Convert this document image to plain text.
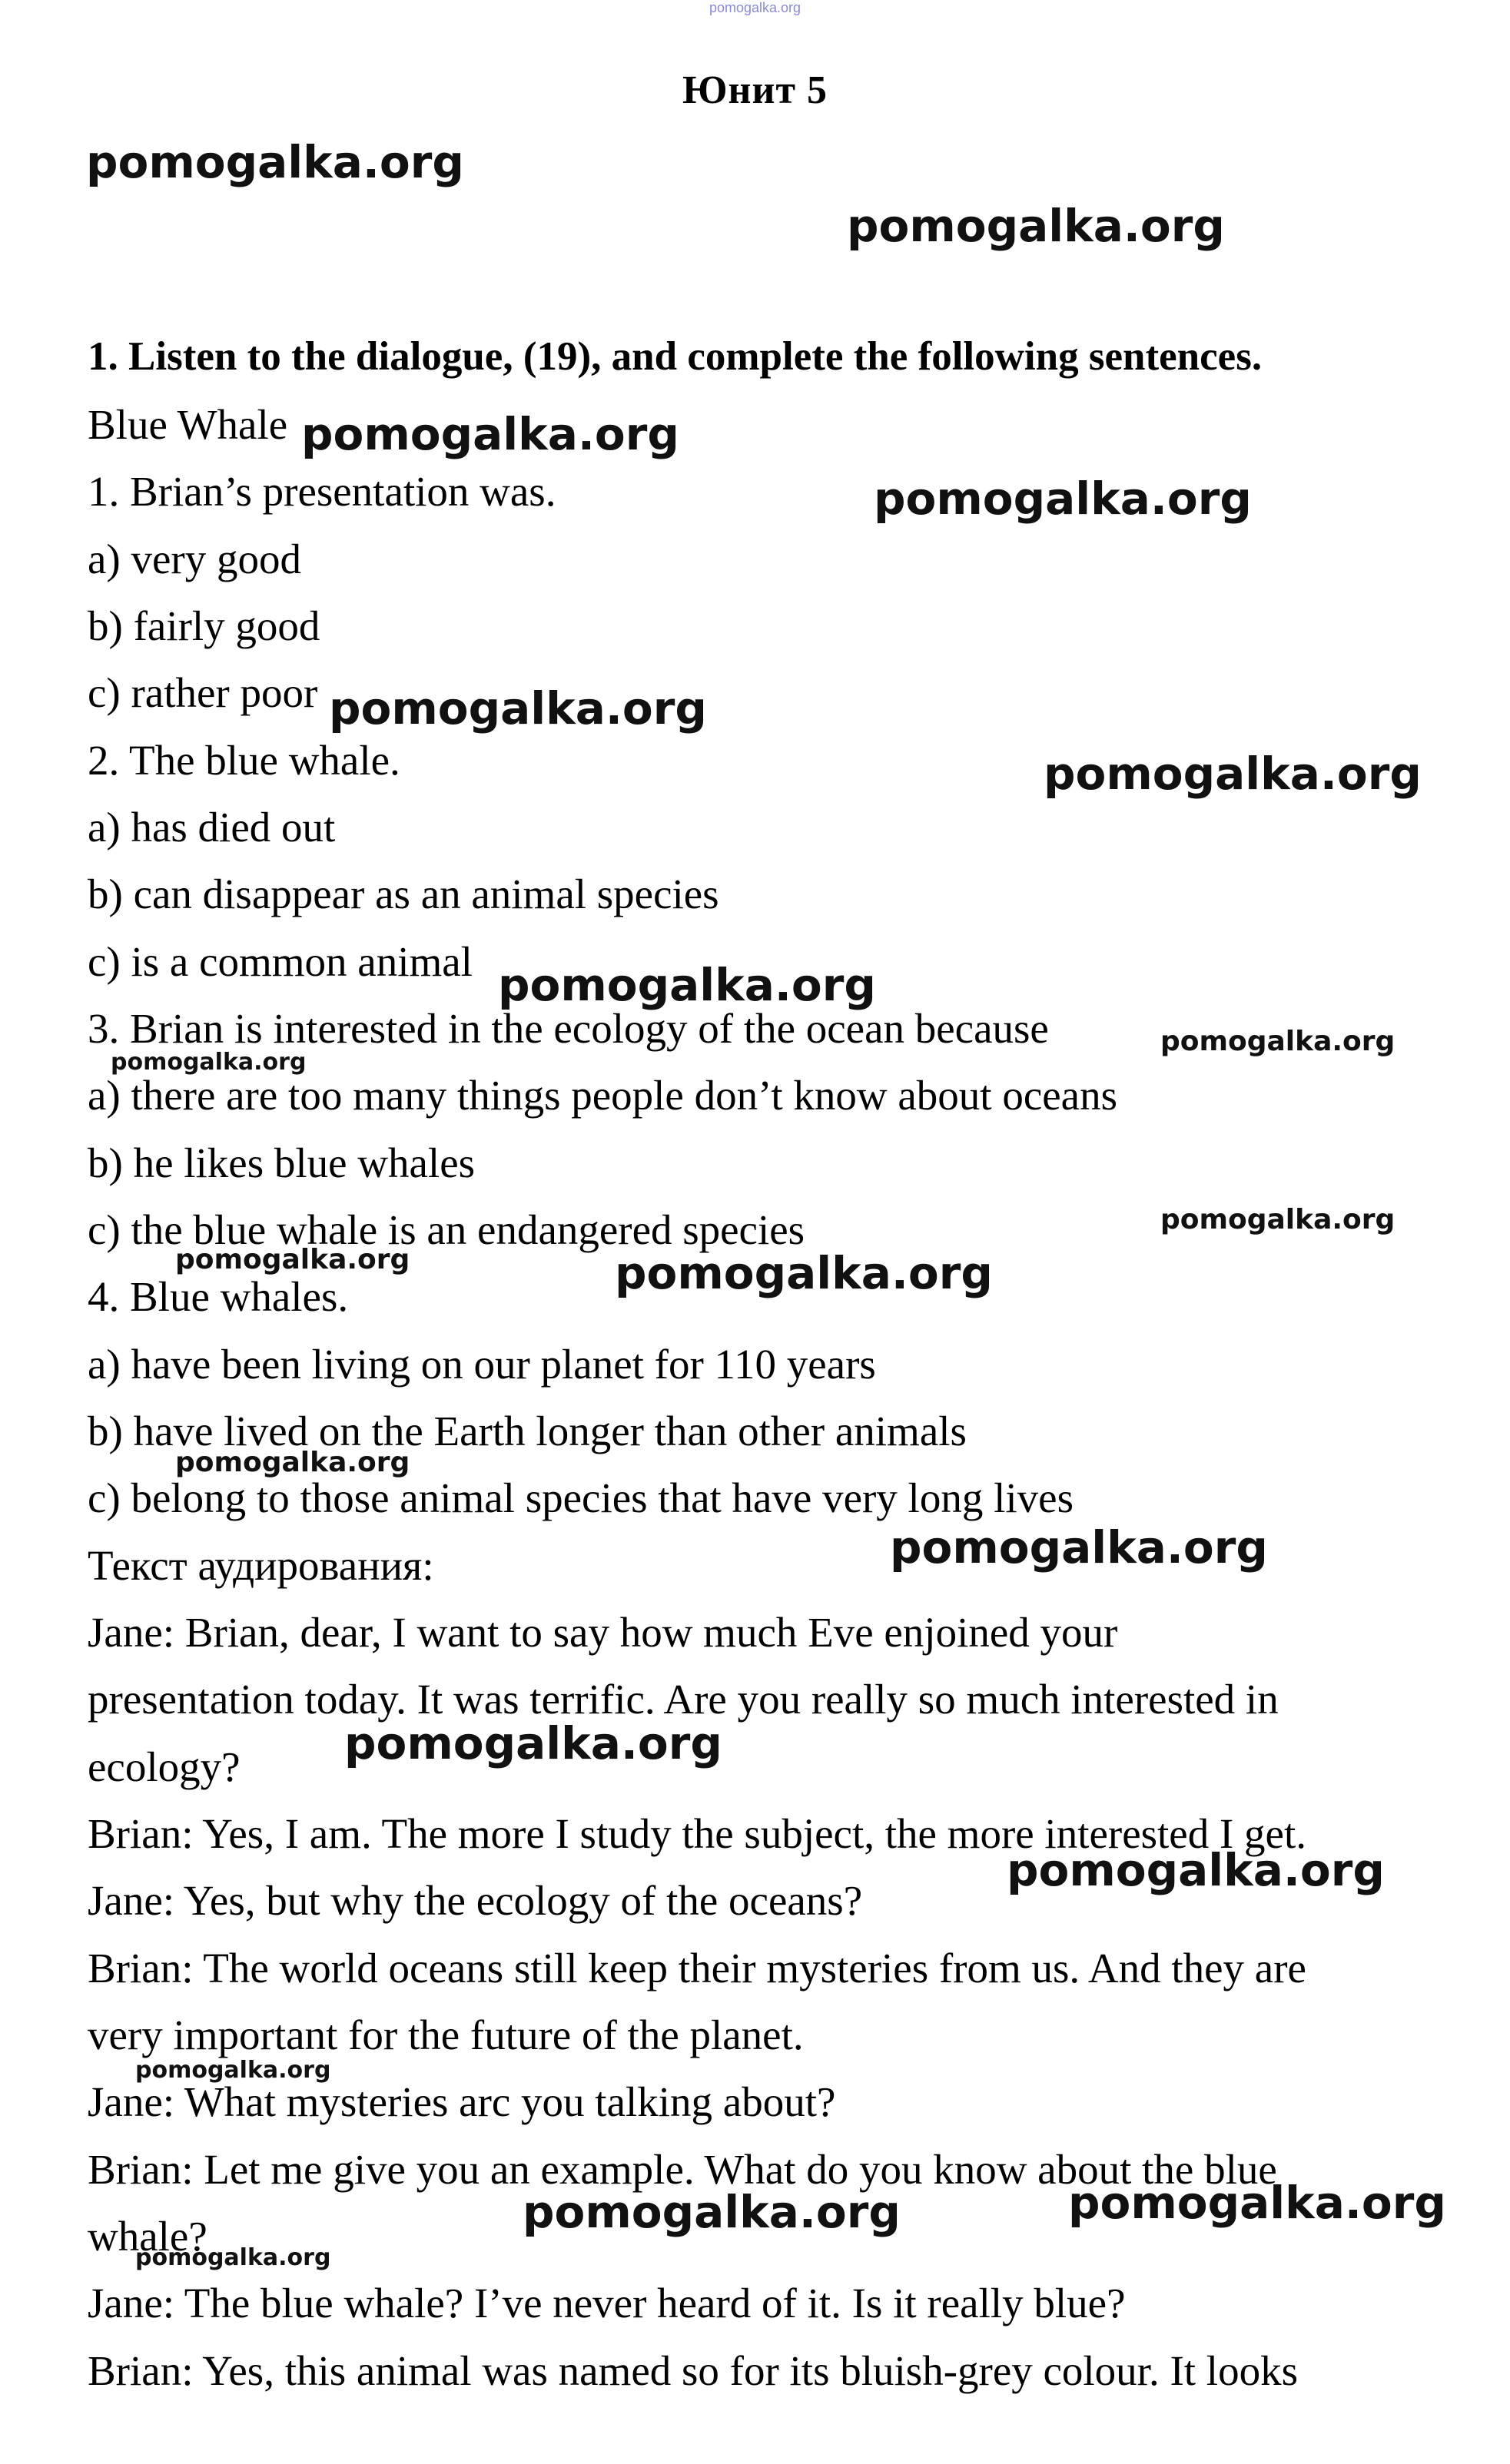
pomogalka.org
Юнит 5
1. Listen to the dialogue, (19), and complete the following sentences.
Blue Whale
1. Brian’s presentation was.
a) very good
b) fairly good
c) rather poor
2. The blue whale.
a) has died out
b) can disappear as an animal species
c) is a common animal
3. Brian is interested in the ecology of the ocean because
a) there are too many things people don’t know about oceans
b) he likes blue whales
c) the blue whale is an endangered species
4. Blue whales.
a) have been living on our planet for 110 years
b) have lived on the Earth longer than other animals
c) belong to those animal species that have very long lives
Текст аудирования:
Jane: Brian, dear, I want to say how much Eve enjoined your
presentation today. It was terrific. Are you really so much interested in
ecology?
Brian: Yes, I am. The more I study the subject, the more interested I get.
Jane: Yes, but why the ecology of the oceans?
Brian: The world oceans still keep their mysteries from us. And they are
very important for the future of the planet.
Jane: What mysteries arc you talking about?
Brian: Let me give you an example. What do you know about the blue
whale?
Jane: The blue whale? I’ve never heard of it. Is it really blue?
Brian: Yes, this animal was named so for its bluish-grey colour. It looks
pomogalka.org
pomogalka.org
pomogalka.org
pomogalka.org
pomogalka.org
pomogalka.org
pomogalka.org
pomogalka.org
pomogalka.org
pomogalka.org
pomogalka.org	pomogalka.org
pomogalka.org
pomogalka.org
pomogalka.org
pomogalka.org
pomogalka.org
pomogalka.org	pomogalka.org
pomogalka.org
